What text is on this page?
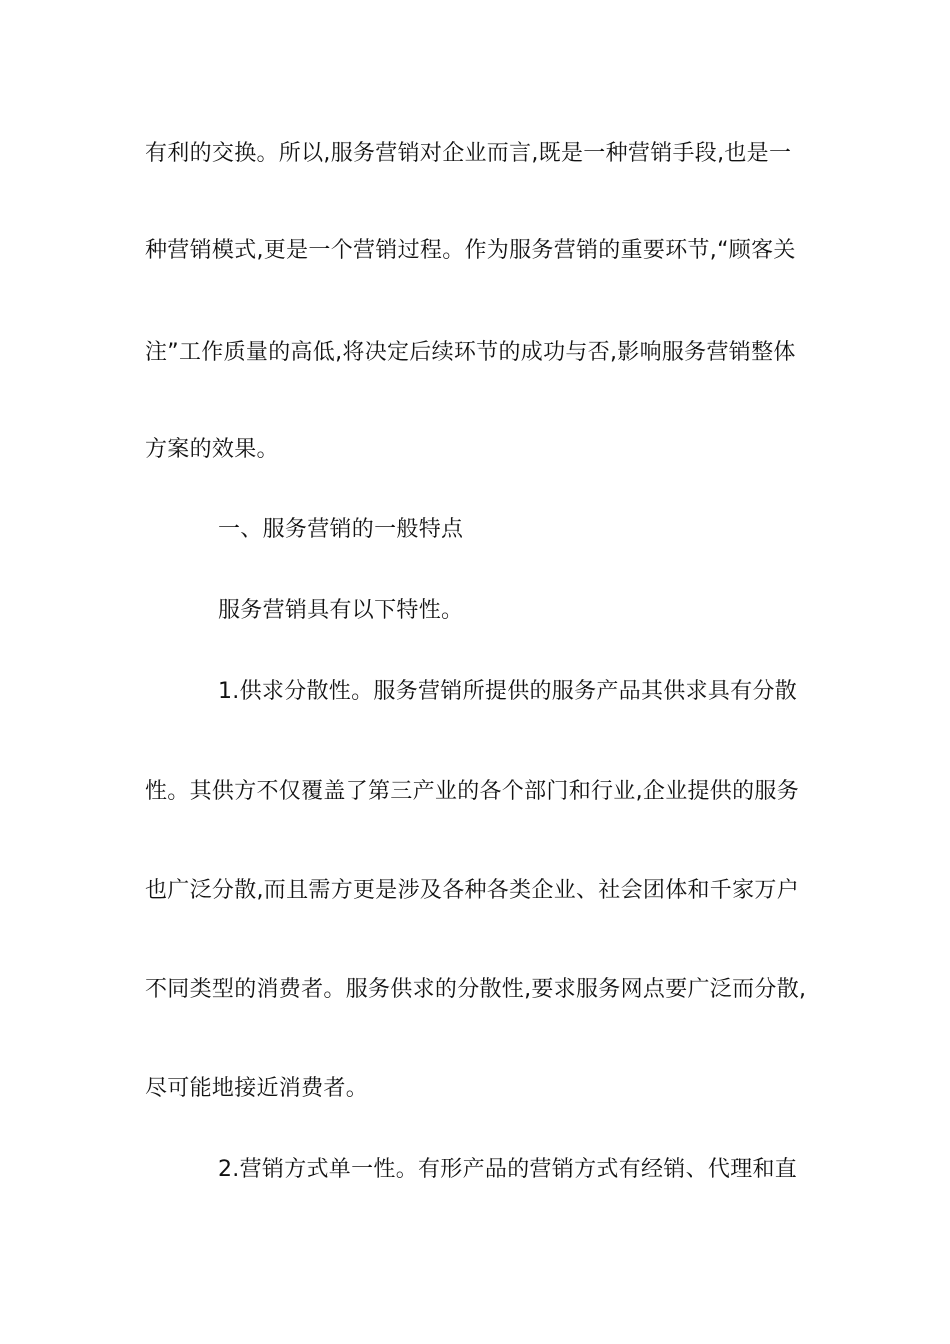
有利的交换。所以,服务营销对企业而言,既是一种营销手段,也是一
种营销模式,更是一个营销过程。作为服务营销的重要环节,“顾客关
注”工作质量的高低,将决定后续环节的成功与否,影响服务营销整体
方案的效果。
一、服务营销的一般特点
服务营销具有以下特性。
1.供求分散性。服务营销所提供的服务产品其供求具有分散
性。其供方不仅覆盖了第三产业的各个部门和行业,企业提供的服务
也广泛分散,而且需方更是涉及各种各类企业、社会团体和千家万户
不同类型的消费者。服务供求的分散性,要求服务网点要广泛而分散,
尽可能地接近消费者。
2.营销方式单一性。有形产品的营销方式有经销、代理和直
